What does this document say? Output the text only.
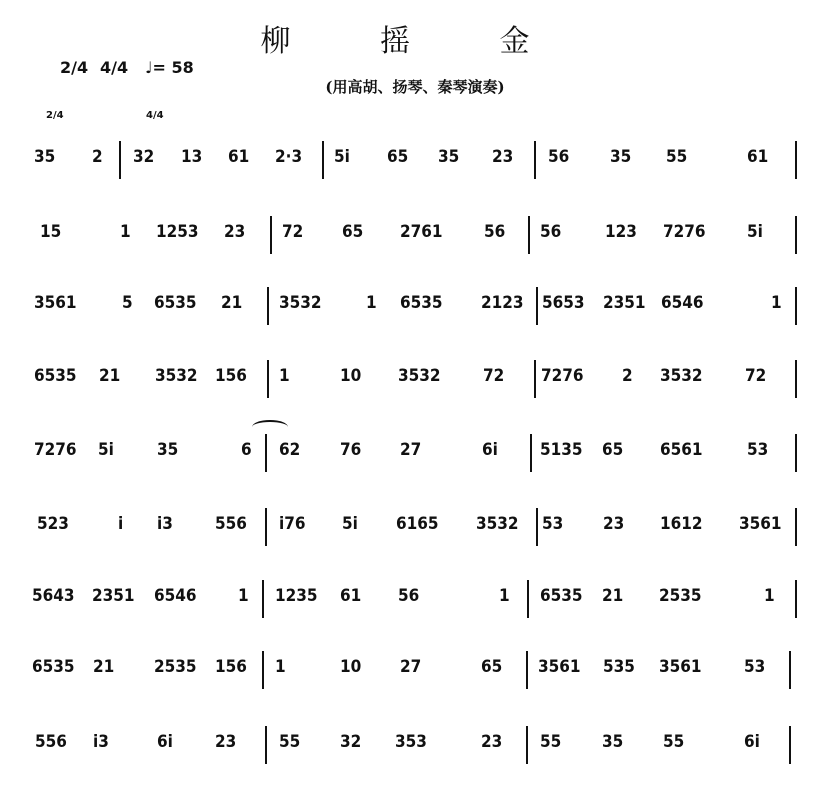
柳 摇 金
2/4 4/4 ♩= 58
(用高胡、扬琴、秦琴演奏)
2/4	4/4
35 2 32 13 61 2·3 5i 65 35 23 56 35 55	61
15	1 1253 23 72 65 2761 56 56	123 7276 5i
3561	5 6535 21 3532	1 6535 2123 5653 2351 6546	1
6535 21 3532 156 1	10 3532 72 7276 2 3532 72
7276 5i	35	6 62 76 27	6i 5135 65 6561	53
523	i i3 556 i76 5i 6165 3532 53 23 1612 3561
5643 2351 6546 1 1235 61 56	1 6535 21 2535	1
6535 21 2535 156 1	10 27	65 3561 535 3561 53
556 i3	6i 23	55 32 353	23 55 35 55	6i
